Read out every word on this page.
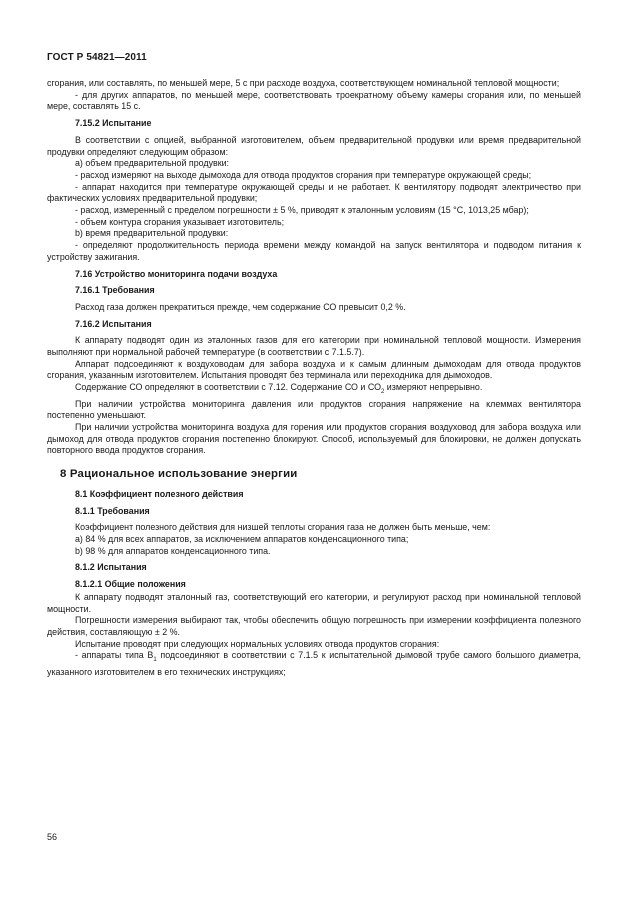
ГОСТ Р 54821—2011

сгорания, или составлять, по меньшей мере, 5 с при расходе воздуха, соответствующем номинальной тепловой мощности;

- для других аппаратов, по меньшей мере, соответствовать троекратному объему камеры сгорания или, по меньшей мере, составлять 15 с.

7.15.2 Испытание

В соответствии с опцией, выбранной изготовителем, объем предварительной продувки или время предварительной продувки определяют следующим образом:

а) объем предварительной продувки:

- расход измеряют на выходе дымохода для отвода продуктов сгорания при температуре окружающей среды;

- аппарат находится при температуре окружающей среды и не работает. К вентилятору подводят электричество при фактических условиях предварительной продувки;

- расход, измеренный с пределом погрешности ± 5 %, приводят к эталонным условиям (15 °С, 1013,25 мбар);

- объем контура сгорания указывает изготовитель;

b) время предварительной продувки:

- определяют продолжительность периода времени между командой на запуск вентилятора и подводом питания к устройству зажигания.

7.16 Устройство мониторинга подачи воздуха
7.16.1 Требования

Расход газа должен прекратиться прежде, чем содержание СО превысит 0,2 %.

7.16.2 Испытания

К аппарату подводят один из эталонных газов для его категории при номинальной тепловой мощности. Измерения выполняют при нормальной рабочей температуре (в соответствии с 7.1.5.7).

Аппарат подсоединяют к воздуховодам для забора воздуха и к самым длинным дымоходам для отвода продуктов сгорания, указанным изготовителем. Испытания проводят без терминала или переходника для дымоходов.

Содержание СО определяют в соответствии с 7.12. Содержание СО и $СО_2$ измеряют непрерывно.

При наличии устройства мониторинга давления или продуктов сгорания напряжение на клеммах вентилятора постепенно уменьшают.

При наличии устройства мониторинга воздуха для горения или продуктов сгорания воздуховод для забора воздуха или дымоход для отвода продуктов сгорания постепенно блокируют. Способ, используемый для блокировки, не должен допускать повторного ввода продуктов сгорания.

8 Рациональное использование энергии
8.1 Коэффициент полезного действия
8.1.1 Требования

Коэффициент полезного действия для низшей теплоты сгорания газа не должен быть меньше, чем:

а) 84 % для всех аппаратов, за исключением аппаратов конденсационного типа;

b) 98 % для аппаратов конденсационного типа.

8.1.2 Испытания
8.1.2.1 Общие положения

К аппарату подводят эталонный газ, соответствующий его категории, и регулируют расход при номинальной тепловой мощности.

Погрешности измерения выбирают так, чтобы обеспечить общую погрешность при измерении коэффициента полезного действия, составляющую ± 2 %.

Испытание проводят при следующих нормальных условиях отвода продуктов сгорания:

- аппараты типа $В_1$ подсоединяют в соответствии с 7.1.5 к испытательной дымовой трубе самого большого диаметра, указанного изготовителем в его технических инструкциях;

56
